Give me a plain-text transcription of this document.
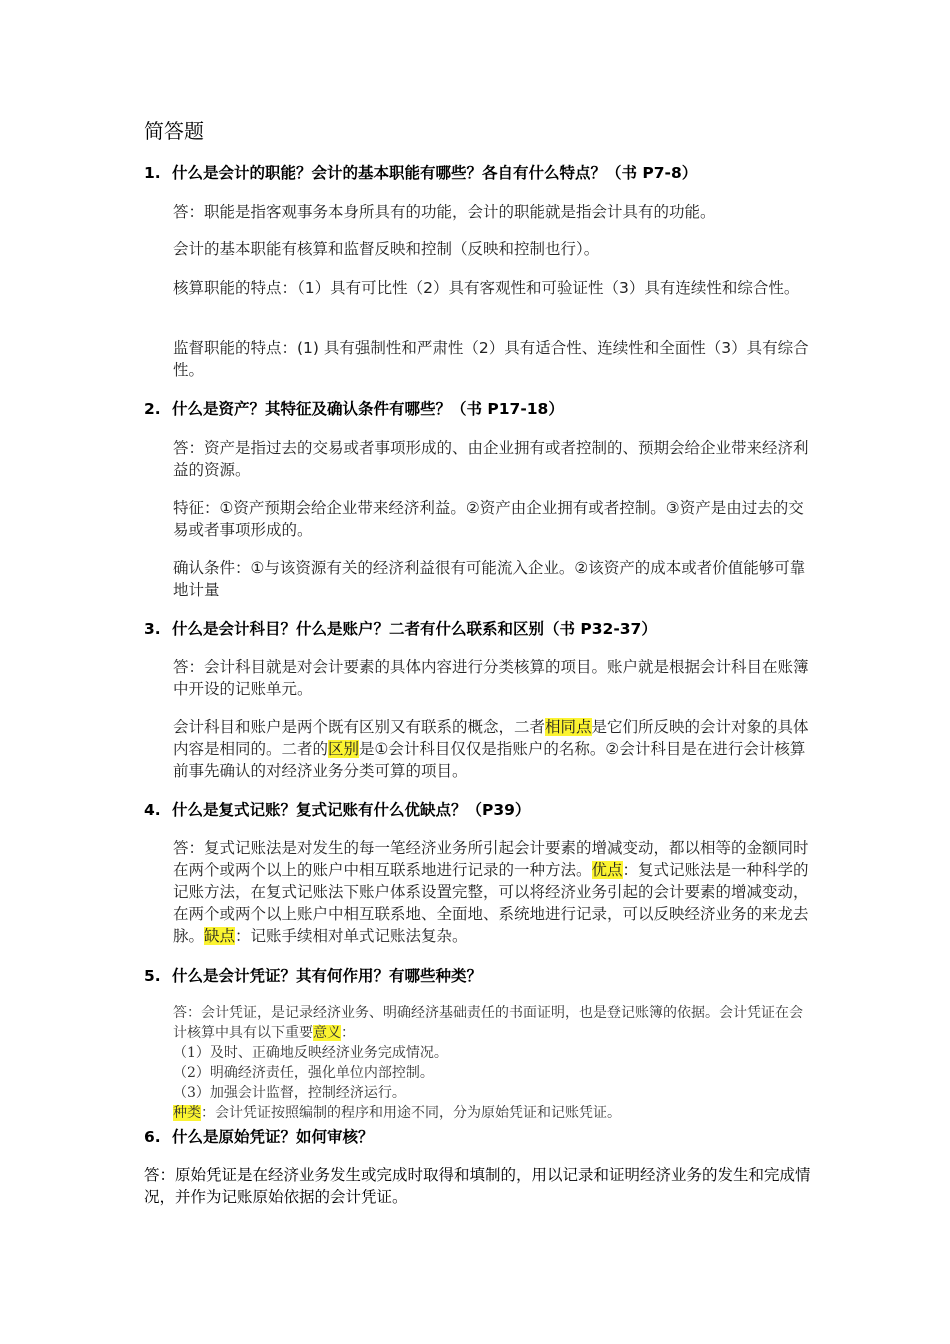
简答题
1. 什么是会计的职能？会计的基本职能有哪些？各自有什么特点？（书 P7-8）
答：职能是指客观事务本身所具有的功能，会计的职能就是指会计具有的功能。
会计的基本职能有核算和监督反映和控制（反映和控制也行）。
核算职能的特点：（1）具有可比性（2）具有客观性和可验证性（3）具有连续性和综合性。
监督职能的特点：(1) 具有强制性和严肃性（2）具有适合性、连续性和全面性（3）具有综合性。
2. 什么是资产？其特征及确认条件有哪些？（书 P17-18）
答：资产是指过去的交易或者事项形成的、由企业拥有或者控制的、预期会给企业带来经济利益的资源。
特征：①资产预期会给企业带来经济利益。②资产由企业拥有或者控制。③资产是由过去的交易或者事项形成的。
确认条件：①与该资源有关的经济利益很有可能流入企业。②该资产的成本或者价值能够可靠地计量
3. 什么是会计科目？什么是账户？二者有什么联系和区别（书 P32-37）
答：会计科目就是对会计要素的具体内容进行分类核算的项目。账户就是根据会计科目在账簿中开设的记账单元。
会计科目和账户是两个既有区别又有联系的概念，二者相同点是它们所反映的会计对象的具体内容是相同的。二者的区别是①会计科目仅仅是指账户的名称。②会计科目是在进行会计核算前事先确认的对经济业务分类可算的项目。
4. 什么是复式记账？复式记账有什么优缺点？（P39）
答：复式记账法是对发生的每一笔经济业务所引起会计要素的增减变动，都以相等的金额同时在两个或两个以上的账户中相互联系地进行记录的一种方法。优点：复式记账法是一种科学的记账方法，在复式记账法下账户体系设置完整，可以将经济业务引起的会计要素的增减变动，在两个或两个以上账户中相互联系地、全面地、系统地进行记录，可以反映经济业务的来龙去脉。缺点：记账手续相对单式记账法复杂。
5. 什么是会计凭证？其有何作用？有哪些种类？
答：会计凭证，是记录经济业务、明确经济基础责任的书面证明，也是登记账簿的依据。会计凭证在会计核算中具有以下重要意义：
（1）及时、正确地反映经济业务完成情况。
（2）明确经济责任，强化单位内部控制。
（3）加强会计监督，控制经济运行。
种类：会计凭证按照编制的程序和用途不同，分为原始凭证和记账凭证。
6. 什么是原始凭证？如何审核？
答：原始凭证是在经济业务发生或完成时取得和填制的，用以记录和证明经济业务的发生和完成情况，并作为记账原始依据的会计凭证。
